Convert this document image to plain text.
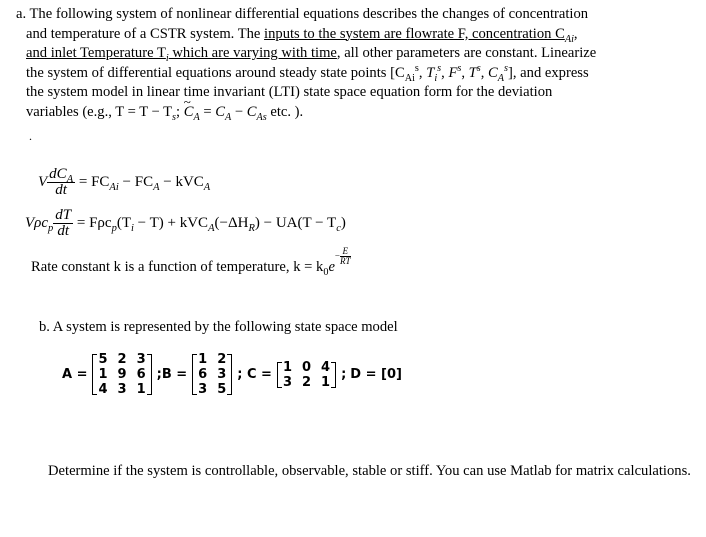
a. The following system of nonlinear differential equations describes the changes of concentration
and temperature of a CSTR system. The inputs to the system are flowrate F, concentration $C_{Ai}$,
and inlet Temperature $T_i$ which are varying with time, all other parameters are constant. Linearize
the system of differential equations around steady state points [$C_{Ai}^s$, $T_i^s$, $F^s$, $T^s$, $C_A^s$], and express
the system model in linear time invariant (LTI) state space equation form for the deviation
variables (e.g., $T = T - T_s$; ~ $C_A = C_A - C_{As}$ etc. ).
.
V $\frac{dC_A}{dt} = FC_{Ai} - FC_A - kVC_A$
$V\rho c_p \frac{dT}{dt} = F\rho c_p(T_i - T) + kVC_A(-\Delta H_R) - UA(T - T_c)$
Rate constant k is a function of temperature, $k = k_0e- \frac{E}{RT}$
b. A system is represented by the following state space model
A =
5 2 3
1 9 6
4 3 1
;B =
1 2
6 3
3 5
; C = 1 0 4
3 2 1 ; D = [0]
Determine if the system is controllable, observable, stable or stiff. You can use Matlab for matrix calculations.
